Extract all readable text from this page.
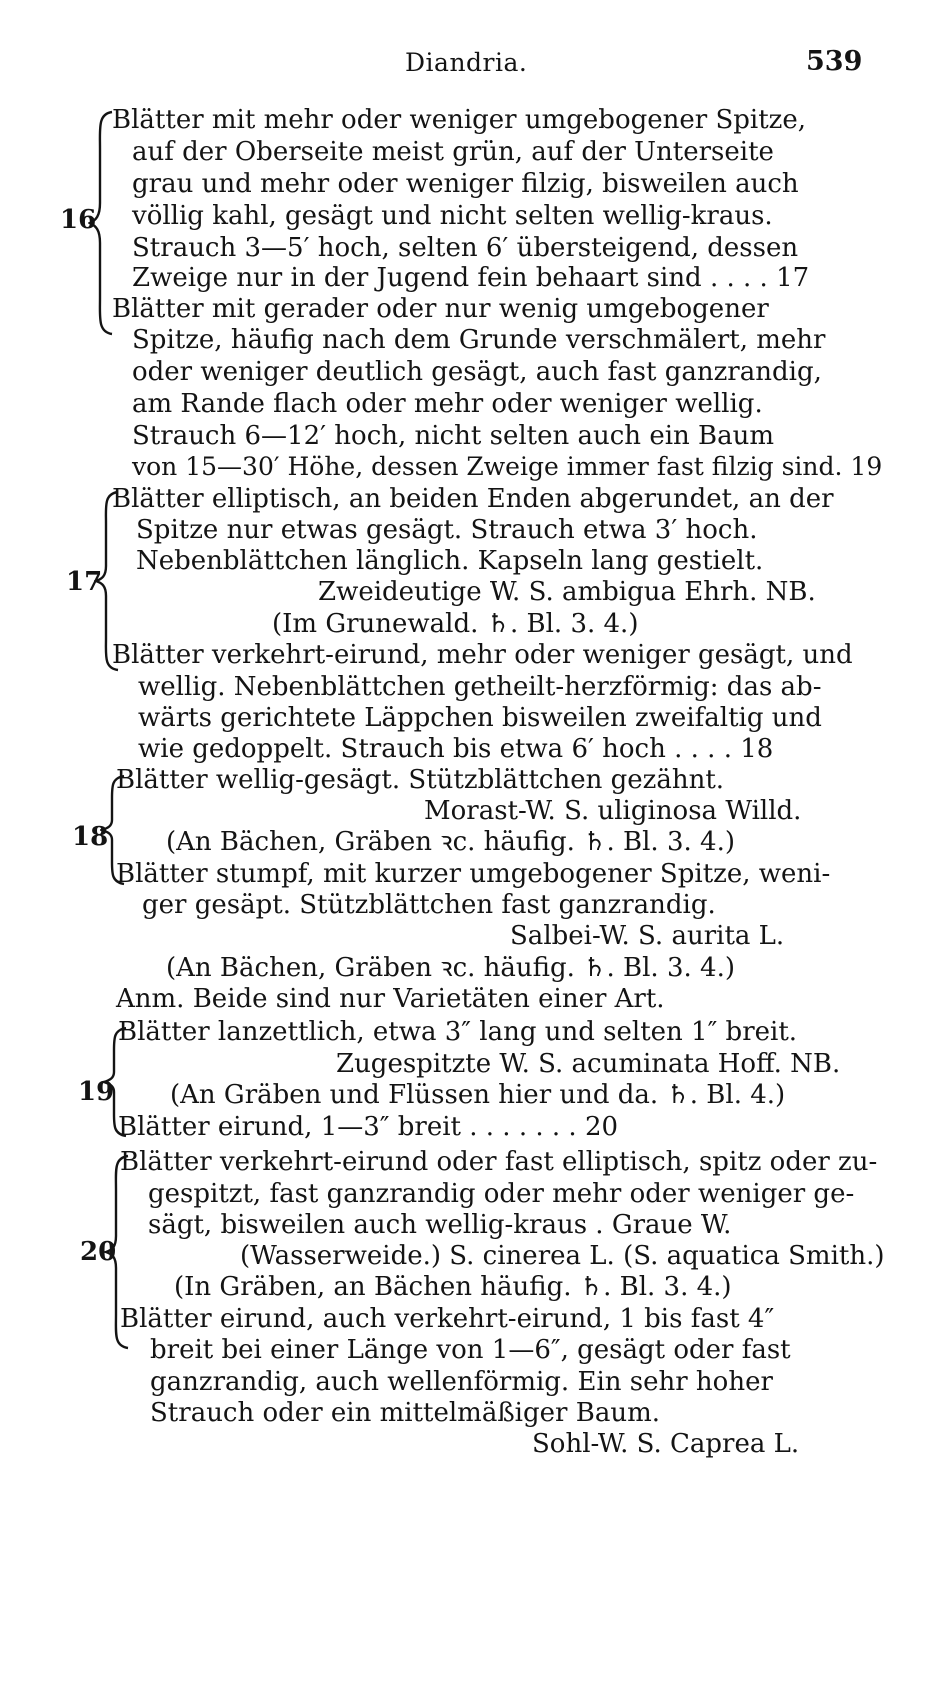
Diandria.	539
16
Blätter mit mehr oder weniger umgebogener Spitze,
auf der Oberseite meist grün, auf der Unterseite
grau und mehr oder weniger filzig, bisweilen auch
völlig kahl, gesägt und nicht selten wellig-kraus.
Strauch 3—5′ hoch, selten 6′ übersteigend, dessen
Zweige nur in der Jugend fein behaart sind . . . . 17
Blätter mit gerader oder nur wenig umgebogener
Spitze, häufig nach dem Grunde verschmälert, mehr
oder weniger deutlich gesägt, auch fast ganzrandig,
am Rande flach oder mehr oder weniger wellig.
Strauch 6—12′ hoch, nicht selten auch ein Baum
von 15—30′ Höhe, dessen Zweige immer fast filzig sind. 19
17
Blätter elliptisch, an beiden Enden abgerundet, an der
Spitze nur etwas gesägt. Strauch etwa 3′ hoch.
Nebenblättchen länglich. Kapseln lang gestielt.
Zweideutige W. S. ambigua Ehrh. NB.
(Im Grunewald. ♄. Bl. 3. 4.)
Blätter verkehrt-eirund, mehr oder weniger gesägt, und
wellig. Nebenblättchen getheilt-herzförmig: das ab-
wärts gerichtete Läppchen bisweilen zweifaltig und
wie gedoppelt. Strauch bis etwa 6′ hoch . . . . 18
18
Blätter wellig-gesägt. Stützblättchen gezähnt.
Morast-W. S. uliginosa Willd.
(An Bächen, Gräben ꝛc. häufig. ♄. Bl. 3. 4.)
Blätter stumpf, mit kurzer umgebogener Spitze, weni-
ger gesäpt. Stützblättchen fast ganzrandig.
Salbei-W. S. aurita L.
(An Bächen, Gräben ꝛc. häufig. ♄. Bl. 3. 4.)
Anm. Beide sind nur Varietäten einer Art.
19
Blätter lanzettlich, etwa 3″ lang und selten 1″ breit.
Zugespitzte W. S. acuminata Hoff. NB.
(An Gräben und Flüssen hier und da. ♄. Bl. 4.)
Blätter eirund, 1—3″ breit . . . . . . . 20
20
Blätter verkehrt-eirund oder fast elliptisch, spitz oder zu-
gespitzt, fast ganzrandig oder mehr oder weniger ge-
sägt, bisweilen auch wellig-kraus . Graue W.
(Wasserweide.) S. cinerea L. (S. aquatica Smith.)
(In Gräben, an Bächen häufig. ♄. Bl. 3. 4.)
Blätter eirund, auch verkehrt-eirund, 1 bis fast 4″
breit bei einer Länge von 1—6″, gesägt oder fast
ganzrandig, auch wellenförmig. Ein sehr hoher
Strauch oder ein mittelmäßiger Baum.
Sohl-W. S. Caprea L.
